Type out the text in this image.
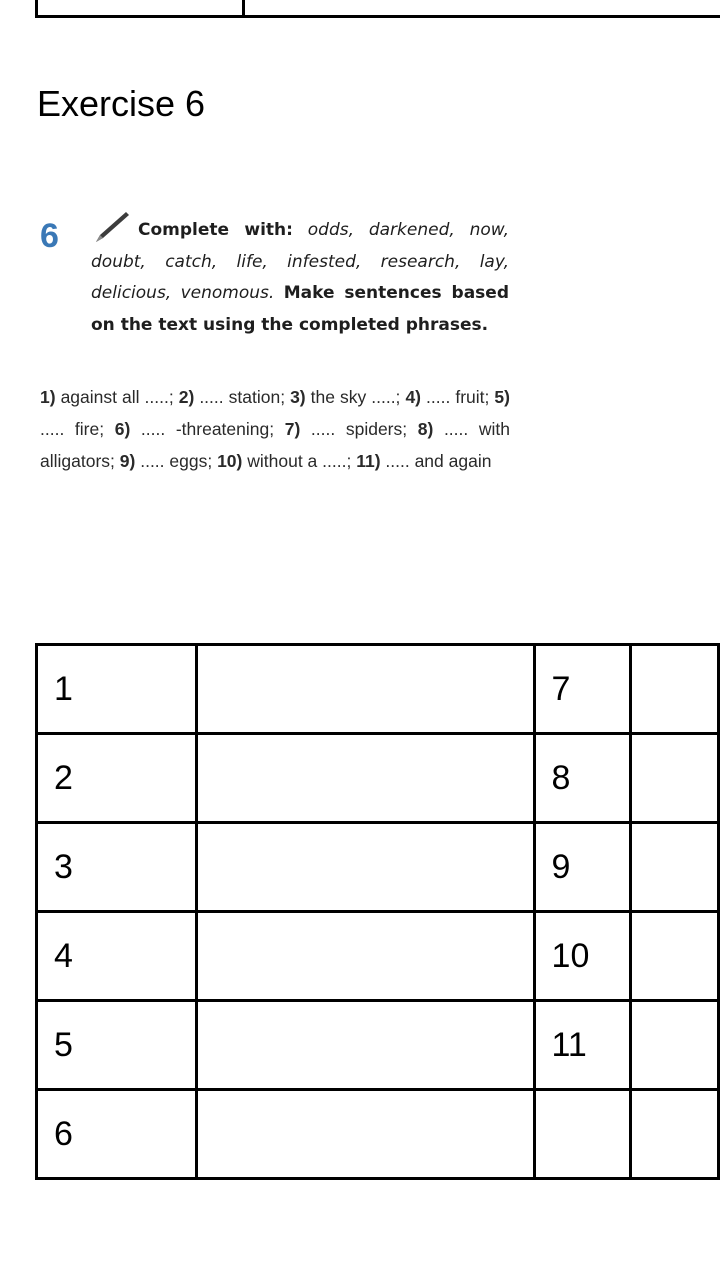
Exercise 6
6	Complete with: odds, darkened, now, doubt, catch, life, infested, research, lay, delicious, venomous. Make sentences based on the text using the completed phrases.
1) against all .....; 2) ..... station; 3) the sky .....; 4) ..... fruit; 5) ..... fire; 6) ..... -threatening; 7) ..... spiders; 8) ..... with alligators; 9) ..... eggs; 10) without a .....; 11) ..... and again
1		7	
2		8	
3		9	
4		10	
5		11	
6			
